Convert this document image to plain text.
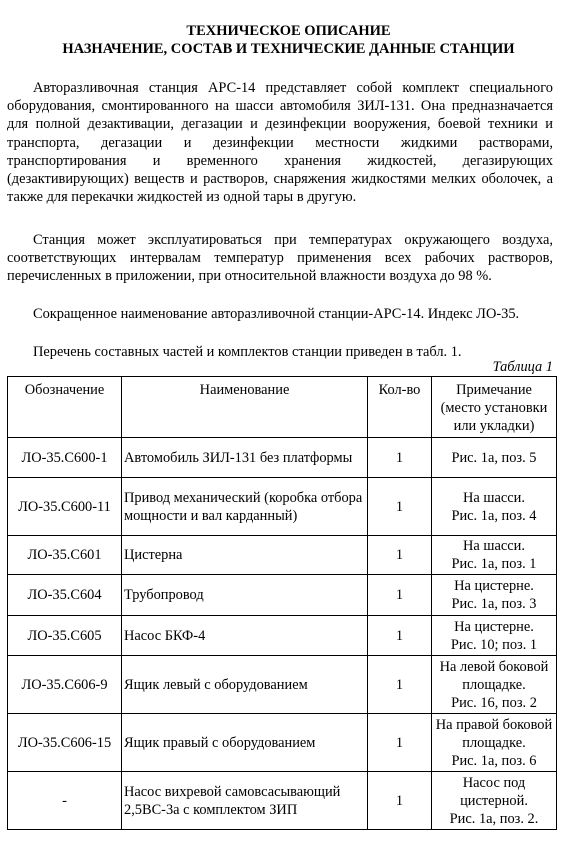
ТЕХНИЧЕСКОЕ ОПИСАНИЕ
НАЗНАЧЕНИЕ, СОСТАВ И ТЕХНИЧЕСКИЕ ДАННЫЕ СТАНЦИИ
Авторазливочная станция АРС-14 представляет собой комплект специального оборудования, смонтированного на шасси автомобиля ЗИЛ-131. Она предназначается для полной дезактивации, дегазации и дезинфекции вооружения, боевой техники и транспорта, дегазации и дезинфекции местности жидкими растворами, транспортирования и временного хранения жидкостей, дегазирующих (дезактивирующих) веществ и растворов, снаряжения жидкостями мелких оболочек, а также для перекачки жидкостей из одной тары в другую.
Станция может эксплуатироваться при температурах окружающего воздуха, соответствующих интервалам температур применения всех рабочих растворов, перечисленных в приложении, при относительной влажности воздуха до 98 %.
Сокращенное наименование авторазливочной станции-АРС-14. Индекс ЛО-35.
Перечень составных частей и комплектов станции приведен в табл. 1.
Таблица 1
Обозначение	Наименование	Кол-во	Примечание
(место установки
или укладки)
ЛО-35.С600-1	Автомобиль ЗИЛ-131 без платформы	1	Рис. 1а, поз. 5
ЛО-35.С600-11	Привод механический (коробка отбора мощности и вал карданный)	1	На шасси.
Рис. 1а, поз. 4
ЛО-35.С601	Цистерна	1	На шасси.
Рис. 1а, поз. 1
ЛО-35.С604	Трубопровод	1	На цистерне.
Рис. 1а, поз. 3
ЛО-35.С605	Насос БКФ-4	1	На цистерне.
Рис. 10; поз. 1
ЛО-35.С606-9	Ящик левый с оборудованием	1	На левой боковой
площадке.
Рис. 16, поз. 2
ЛО-35.С606-15	Ящик правый с оборудованием	1	На правой боковой
площадке.
Рис. 1а, поз. 6
-	Насос вихревой самовсасывающий 2,5ВС-3а с комплектом ЗИП	1	Насос под
цистерной.
Рис. 1а, поз. 2.
